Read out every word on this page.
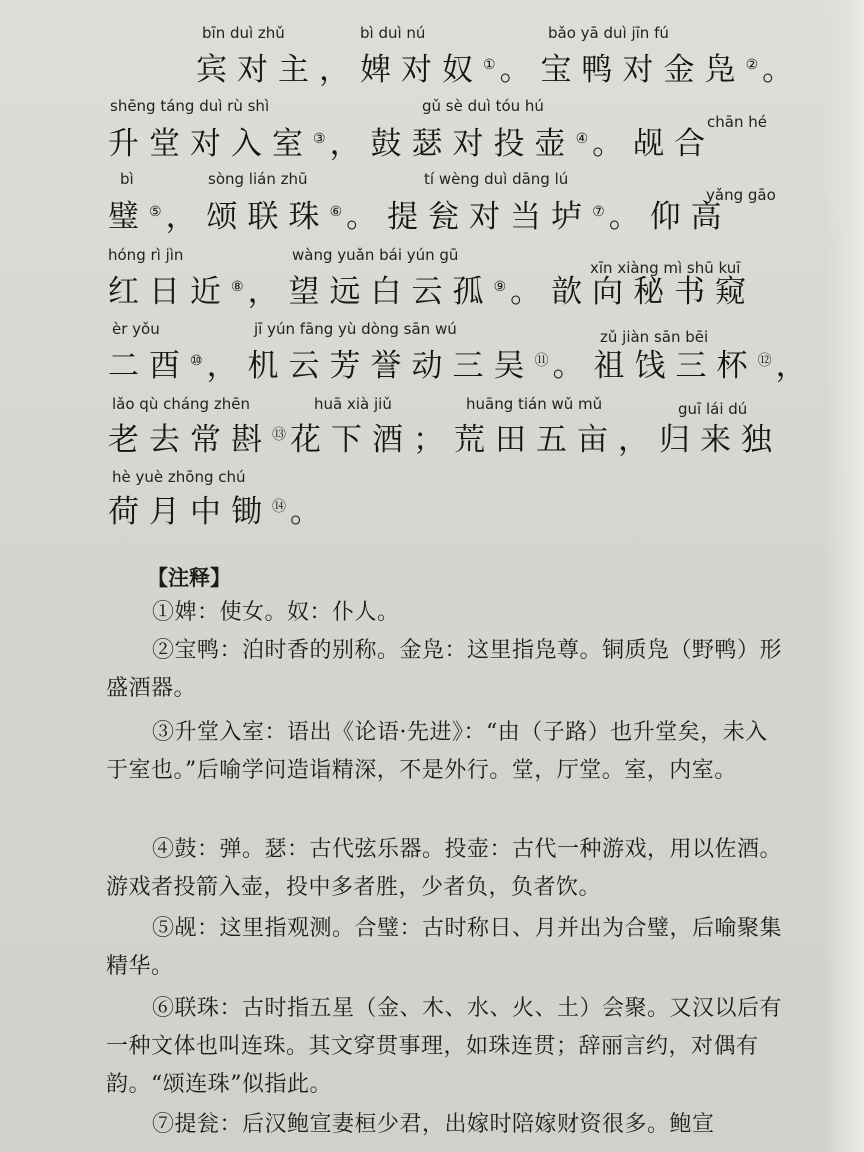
bīn duì zhǔ	bì duì nú	bǎo yā duì jīn fú
宾对主，婢对奴① 。宝鸭对金凫② 。
shēng táng duì rù shì	gǔ sè duì tóu hú
chān hé
升堂对入室③ ，鼓瑟对投壶④ 。觇合
bì	sòng lián zhū	tí wèng duì dāng lú
yǎng gāo
璧⑤ ，颂联珠⑥ 。提瓮对当垆⑦ 。仰高
hóng rì jìn	wàng yuǎn bái yún gū
xīn xiàng mì shū kuī
红日近⑧ ，望远白云孤⑨ 。歆向秘书窥
èr yǒu	jī yún fāng yù dòng sān wú	zǔ jiàn sān bēi
二酉⑩ ，机云芳誉动三吴⑪ 。祖饯三杯⑫ ，
lǎo qù cháng zhēn	huā xià jiǔ	huāng tián wǔ mǔ	guī lái dú
老去常斟⑬ 花下酒；荒田五亩，归来独
hè yuè zhōng chú
荷月中锄⑭ 。
【注释】
①婢：使女。奴：仆人。
②宝鸭：泊时香的别称。金凫：这里指凫尊。铜质凫（野鸭）形盛酒器。
③升堂入室：语出《论语·先进》：“由（子路）也升堂矣，未入于室也。”后喻学问造诣精深，不是外行。堂，厅堂。室，内室。
④鼓：弹。瑟：古代弦乐器。投壶：古代一种游戏，用以佐酒。游戏者投箭入壶，投中多者胜，少者负，负者饮。
⑤觇：这里指观测。合璧：古时称日、月并出为合璧，后喻聚集精华。
⑥联珠：古时指五星（金、木、水、火、土）会聚。又汉以后有一种文体也叫连珠。其文穿贯事理，如珠连贯；辞丽言约，对偶有韵。“颂连珠”似指此。
⑦提瓮：后汉鲍宣妻桓少君，出嫁时陪嫁财资很多。鲍宣
